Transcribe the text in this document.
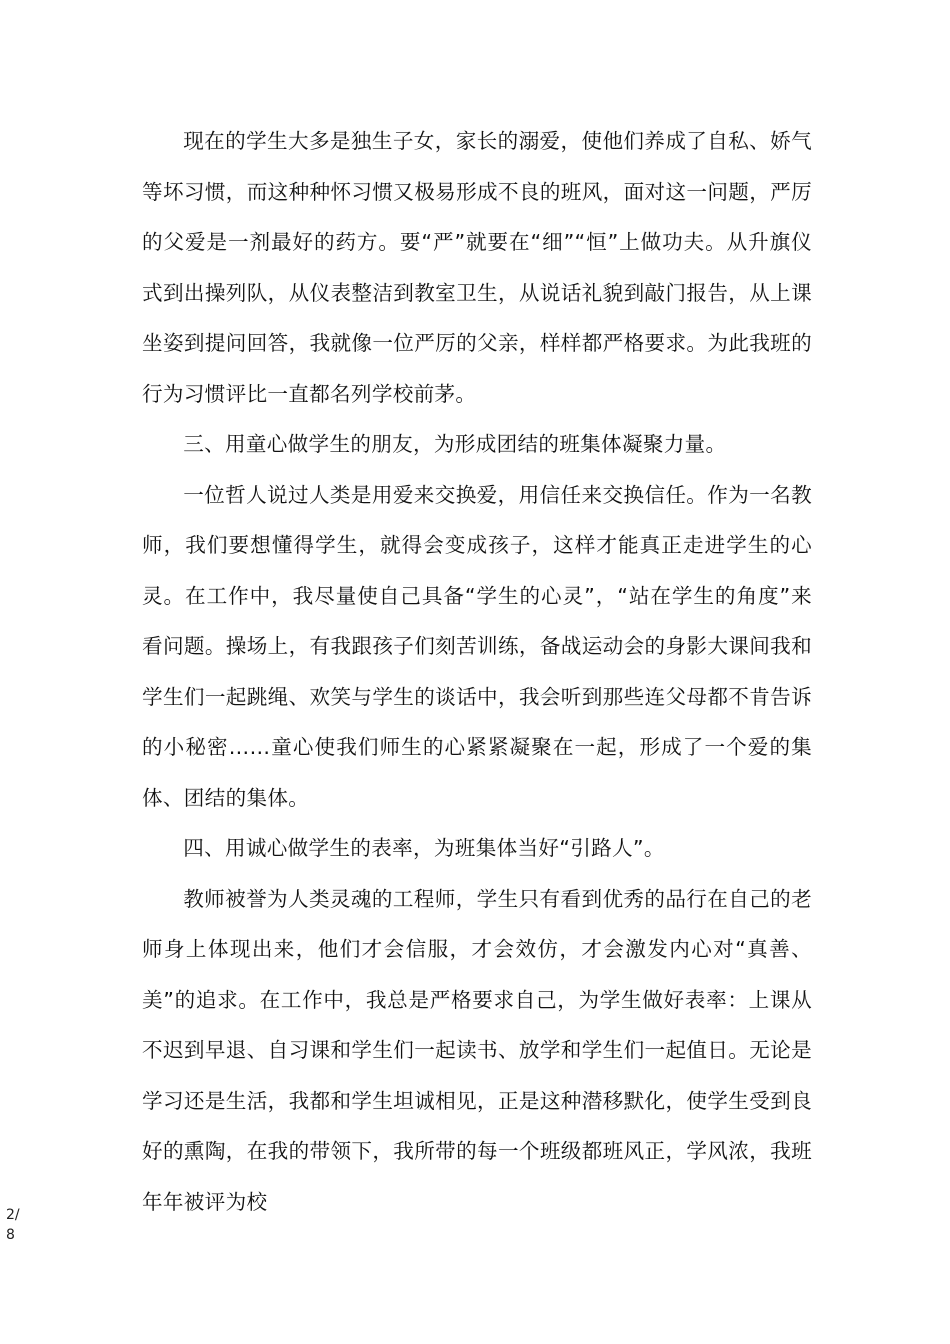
现在的学生大多是独生子女，家长的溺爱，使他们养成了自私、娇气等坏习惯，而这种种怀习惯又极易形成不良的班风，面对这一问题，严厉的父爱是一剂最好的药方。要“严”就要在“细”“恒”上做功夫。从升旗仪式到出操列队，从仪表整洁到教室卫生，从说话礼貌到敲门报告，从上课坐姿到提问回答，我就像一位严厉的父亲，样样都严格要求。为此我班的行为习惯评比一直都名列学校前茅。

三、用童心做学生的朋友，为形成团结的班集体凝聚力量。

一位哲人说过人类是用爱来交换爱，用信任来交换信任。作为一名教师，我们要想懂得学生，就得会变成孩子，这样才能真正走进学生的心灵。在工作中，我尽量使自己具备“学生的心灵”，“站在学生的角度”来看问题。操场上，有我跟孩子们刻苦训练，备战运动会的身影大课间我和学生们一起跳绳、欢笑与学生的谈话中，我会听到那些连父母都不肯告诉的小秘密……童心使我们师生的心紧紧凝聚在一起，形成了一个爱的集体、团结的集体。

四、用诚心做学生的表率，为班集体当好“引路人”。

教师被誉为人类灵魂的工程师，学生只有看到优秀的品行在自己的老师身上体现出来，他们才会信服，才会效仿，才会激发内心对“真善、美”的追求。在工作中，我总是严格要求自己，为学生做好表率：上课从不迟到早退、自习课和学生们一起读书、放学和学生们一起值日。无论是学习还是生活，我都和学生坦诚相见，正是这种潜移默化，使学生受到良好的熏陶，在我的带领下，我所带的每一个班级都班风正，学风浓，我班年年被评为校

2/
8
